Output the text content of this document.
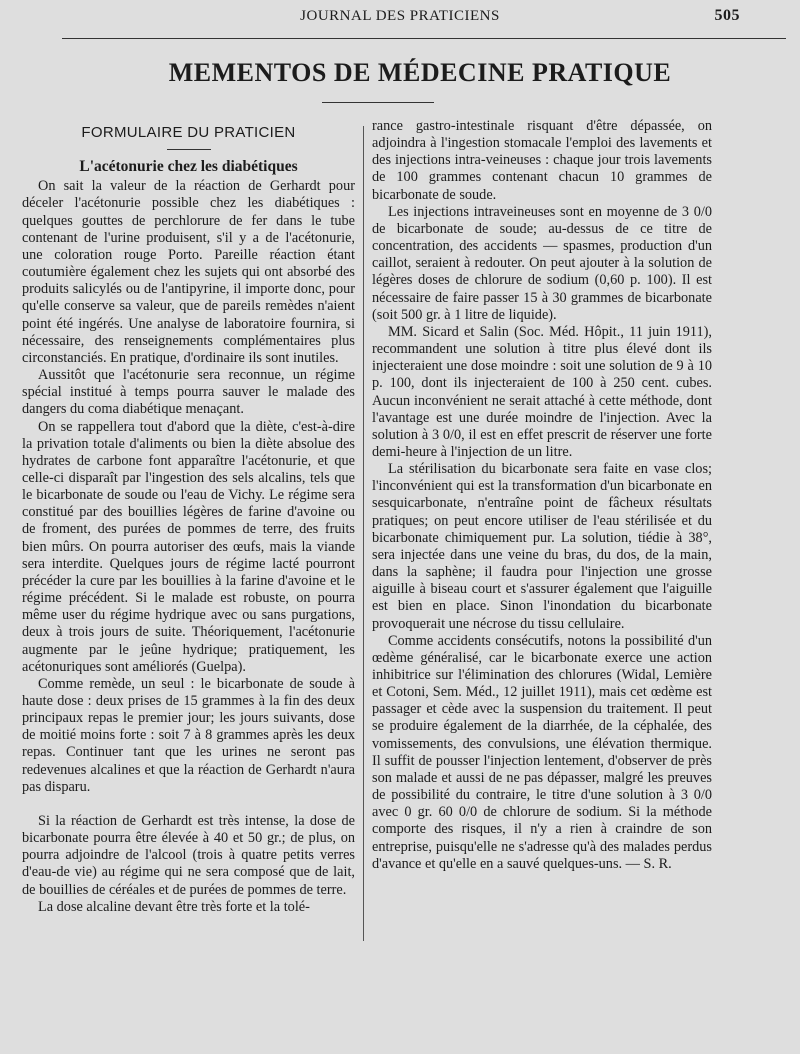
JOURNAL DES PRATICIENS	505
MEMENTOS DE MÉDECINE PRATIQUE
FORMULAIRE DU PRATICIEN
L'acétonurie chez les diabétiques

On sait la valeur de la réaction de Gerhardt pour déceler l'acétonurie possible chez les diabétiques : quelques gouttes de perchlorure de fer dans le tube contenant de l'urine produisent, s'il y a de l'acétonurie, une coloration rouge Porto. Pareille réaction étant coutumière également chez les sujets qui ont absorbé des produits salicylés ou de l'antipyrine, il importe donc, pour qu'elle conserve sa valeur, que de pareils remèdes n'aient point été ingérés. Une analyse de laboratoire fournira, si nécessaire, des renseignements complémentaires plus circonstanciés. En pratique, d'ordinaire ils sont inutiles.

Aussitôt que l'acétonurie sera reconnue, un régime spécial institué à temps pourra sauver le malade des dangers du coma diabétique menaçant.

On se rappellera tout d'abord que la diète, c'est-à-dire la privation totale d'aliments ou bien la diète absolue des hydrates de carbone font apparaître l'acétonurie, et que celle-ci disparaît par l'ingestion des sels alcalins, tels que le bicarbonate de soude ou l'eau de Vichy. Le régime sera constitué par des bouillies légères de farine d'avoine ou de froment, des purées de pommes de terre, des fruits bien mûrs. On pourra autoriser des œufs, mais la viande sera interdite. Quelques jours de régime lacté pourront précéder la cure par les bouillies à la farine d'avoine et le régime précédent. Si le malade est robuste, on pourra même user du régime hydrique avec ou sans purgations, deux à trois jours de suite. Théoriquement, l'acétonurie augmente par le jeûne hydrique; pratiquement, les acétonuriques sont améliorés (Guelpa).

Comme remède, un seul : le bicarbonate de soude à haute dose : deux prises de 15 grammes à la fin des deux principaux repas le premier jour; les jours suivants, dose de moitié moins forte : soit 7 à 8 grammes après les deux repas. Continuer tant que les urines ne seront pas redevenues alcalines et que la réaction de Gerhardt n'aura pas disparu.

Si la réaction de Gerhardt est très intense, la dose de bicarbonate pourra être élevée à 40 et 50 gr.; de plus, on pourra adjoindre de l'alcool (trois à quatre petits verres d'eau-de vie) au régime qui ne sera composé que de lait, de bouillies de céréales et de purées de pommes de terre.

La dose alcaline devant être très forte et la tolé-

rance gastro-intestinale risquant d'être dépassée, on adjoindra à l'ingestion stomacale l'emploi des lavements et des injections intra-veineuses : chaque jour trois lavements de 100 grammes contenant chacun 10 grammes de bicarbonate de soude.

Les injections intraveineuses sont en moyenne de 3 0/0 de bicarbonate de soude; au-dessus de ce titre de concentration, des accidents — spasmes, production d'un caillot, seraient à redouter. On peut ajouter à la solution de légères doses de chlorure de sodium (0,60 p. 100). Il est nécessaire de faire passer 15 à 30 grammes de bicarbonate (soit 500 gr. à 1 litre de liquide).

MM. Sicard et Salin (Soc. Méd. Hôpit., 11 juin 1911), recommandent une solution à titre plus élevé dont ils injecteraient une dose moindre : soit une solution de 9 à 10 p. 100, dont ils injecteraient de 100 à 250 cent. cubes. Aucun inconvénient ne serait attaché à cette méthode, dont l'avantage est une durée moindre de l'injection. Avec la solution à 3 0/0, il est en effet prescrit de réserver une forte demi-heure à l'injection de un litre.

La stérilisation du bicarbonate sera faite en vase clos; l'inconvénient qui est la transformation d'un bicarbonate en sesquicarbonate, n'entraîne point de fâcheux résultats pratiques; on peut encore utiliser de l'eau stérilisée et du bicarbonate chimiquement pur. La solution, tiédie à 38°, sera injectée dans une veine du bras, du dos, de la main, dans la saphène; il faudra pour l'injection une grosse aiguille à biseau court et s'assurer également que l'aiguille est bien en place. Sinon l'inondation du bicarbonate provoquerait une nécrose du tissu cellulaire.

Comme accidents consécutifs, notons la possibilité d'un œdème généralisé, car le bicarbonate exerce une action inhibitrice sur l'élimination des chlorures (Widal, Lemière et Cotoni, Sem. Méd., 12 juillet 1911), mais cet œdème est passager et cède avec la suspension du traitement. Il peut se produire également de la diarrhée, de la céphalée, des vomissements, des convulsions, une élévation thermique. Il suffit de pousser l'injection lentement, d'observer de près son malade et aussi de ne pas dépasser, malgré les preuves de possibilité du contraire, le titre d'une solution à 3 0/0 avec 0 gr. 60 0/0 de chlorure de sodium. Si la méthode comporte des risques, il n'y a rien à craindre de son entreprise, puisqu'elle ne s'adresse qu'à des malades perdus d'avance et qu'elle en a sauvé quelques-uns. — S. R.
